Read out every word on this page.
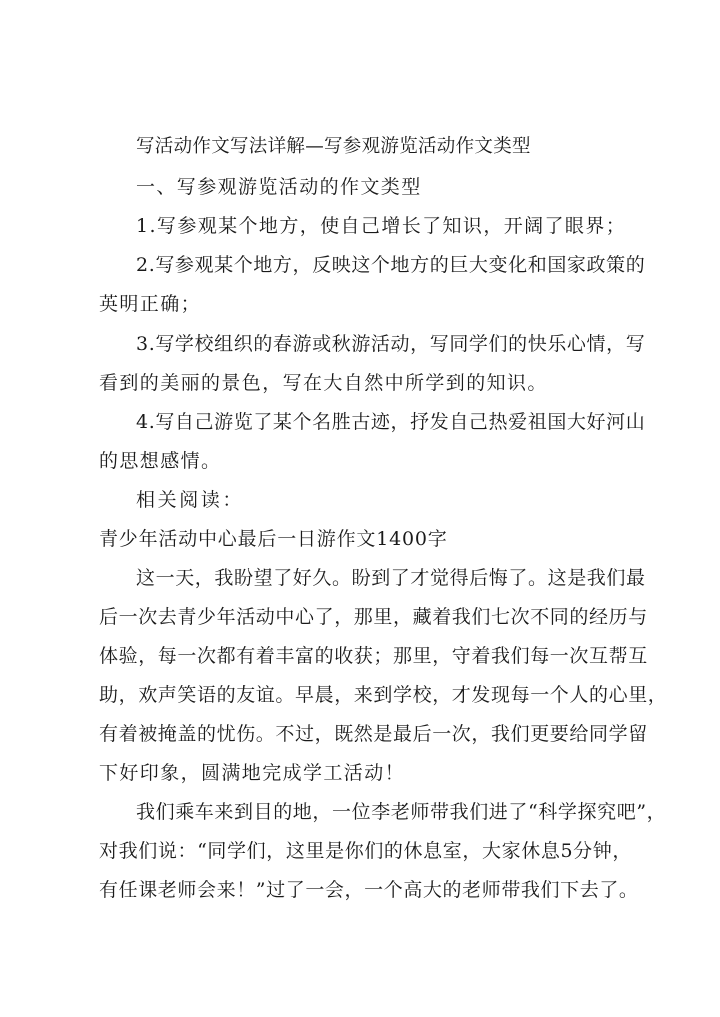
写活动作文写法详解—写参观游览活动作文类型
一、写参观游览活动的作文类型
1.写参观某个地方，使自己增长了知识，开阔了眼界；
2.写参观某个地方，反映这个地方的巨大变化和国家政策的
英明正确；
3.写学校组织的春游或秋游活动，写同学们的快乐心情，写
看到的美丽的景色，写在大自然中所学到的知识。
4.写自己游览了某个名胜古迹，抒发自己热爱祖国大好河山
的思想感情。
相关阅读：
青少年活动中心最后一日游作文1400字
这一天，我盼望了好久。盼到了才觉得后悔了。这是我们最
后一次去青少年活动中心了，那里，藏着我们七次不同的经历与
体验，每一次都有着丰富的收获；那里，守着我们每一次互帮互
助，欢声笑语的友谊。早晨，来到学校，才发现每一个人的心里，
有着被掩盖的忧伤。不过，既然是最后一次，我们更要给同学留
下好印象，圆满地完成学工活动！
我们乘车来到目的地，一位李老师带我们进了“科学探究吧”，
对我们说：“同学们，这里是你们的休息室，大家休息5分钟，
有任课老师会来！”过了一会，一个高大的老师带我们下去了。
